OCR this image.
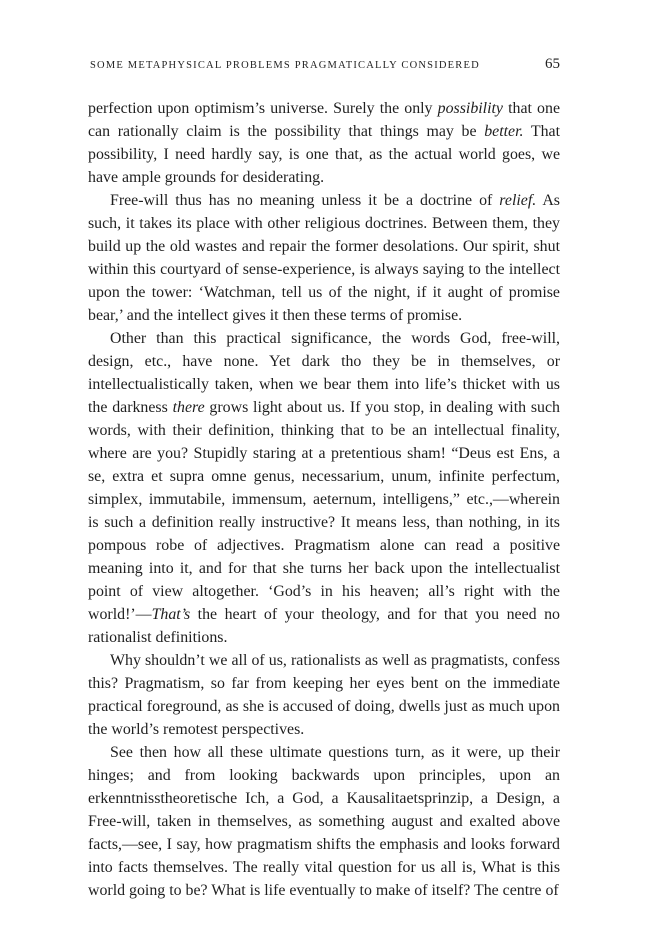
SOME METAPHYSICAL PROBLEMS PRAGMATICALLY CONSIDERED	65

perfection upon optimism’s universe. Surely the only possibility that one can rationally claim is the possibility that things may be better. That possibility, I need hardly say, is one that, as the actual world goes, we have ample grounds for desiderating.

Free-will thus has no meaning unless it be a doctrine of relief. As such, it takes its place with other religious doctrines. Between them, they build up the old wastes and repair the former desolations. Our spirit, shut within this courtyard of sense-experience, is always saying to the intellect upon the tower: ‘Watchman, tell us of the night, if it aught of promise bear,’ and the intellect gives it then these terms of promise.

Other than this practical significance, the words God, free-will, design, etc., have none. Yet dark tho they be in themselves, or intellectualistically taken, when we bear them into life’s thicket with us the darkness there grows light about us. If you stop, in dealing with such words, with their definition, thinking that to be an intellectual finality, where are you? Stupidly staring at a pretentious sham! “Deus est Ens, a se, extra et supra omne genus, necessarium, unum, infinite perfectum, simplex, immutabile, immensum, aeternum, intelligens,” etc.,—wherein is such a definition really instructive? It means less, than nothing, in its pompous robe of adjectives. Pragmatism alone can read a positive meaning into it, and for that she turns her back upon the intellectualist point of view altogether. ‘God’s in his heaven; all’s right with the world!’—That’s the heart of your theology, and for that you need no rationalist definitions.

Why shouldn’t we all of us, rationalists as well as pragmatists, confess this? Pragmatism, so far from keeping her eyes bent on the immediate practical foreground, as she is accused of doing, dwells just as much upon the world’s remotest perspectives.

See then how all these ultimate questions turn, as it were, up their hinges; and from looking backwards upon principles, upon an erkenntnisstheoretische Ich, a God, a Kausalitaetsprinzip, a Design, a Free-will, taken in themselves, as something august and exalted above facts,—see, I say, how pragmatism shifts the emphasis and looks forward into facts themselves. The really vital question for us all is, What is this world going to be? What is life eventually to make of itself? The centre of
